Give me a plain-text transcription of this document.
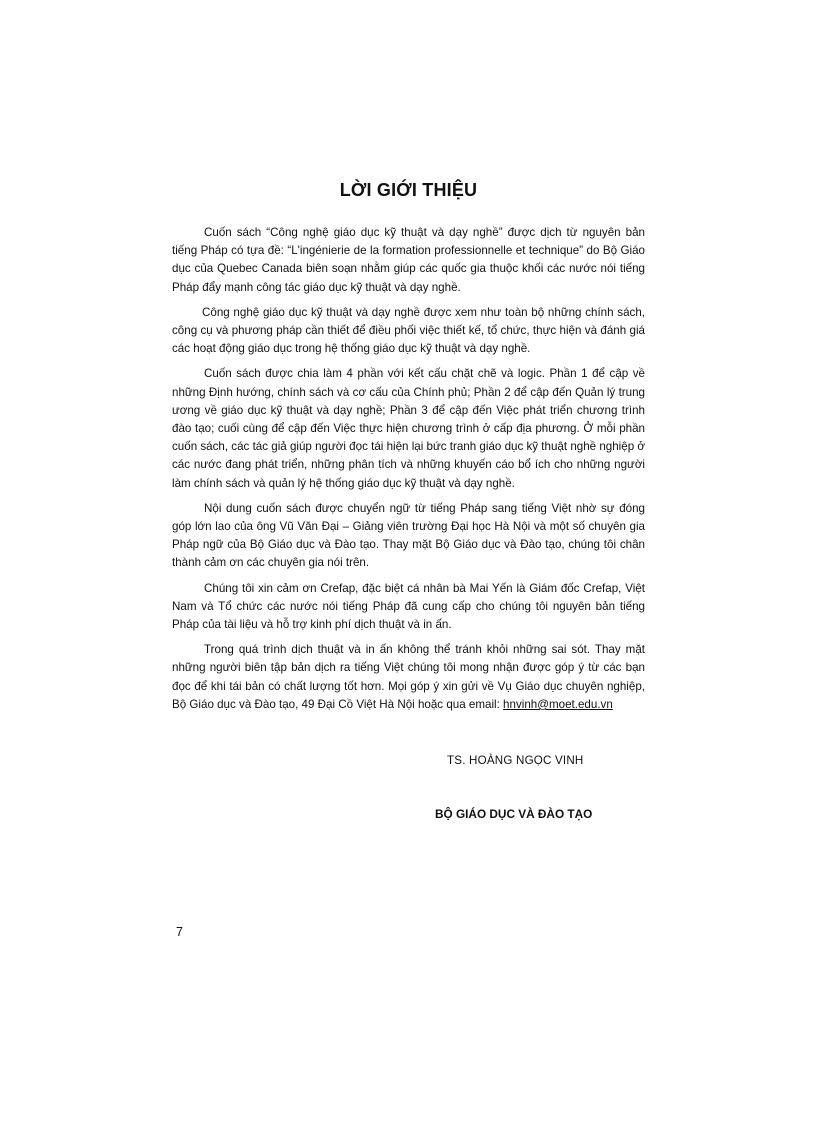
LỜI GIỚI THIỆU

Cuốn sách “Công nghệ giáo dục kỹ thuật và dạy nghề” được dịch từ nguyên bản tiếng Pháp có tựa đề: “L'ingénierie de la formation professionnelle et technique” do Bộ Giáo dục của Quebec Canada biên soạn nhằm giúp các quốc gia thuộc khối các nước nói tiếng Pháp đẩy mạnh công tác giáo dục kỹ thuật và dạy nghề.

Công nghệ giáo dục kỹ thuật và dạy nghề được xem như toàn bộ những chính sách, công cụ và phương pháp cần thiết để điều phối việc thiết kế, tổ chức, thực hiện và đánh giá các hoạt động giáo dục trong hệ thống giáo dục kỹ thuật và dạy nghề.

Cuốn sách được chia làm 4 phần với kết cấu chặt chẽ và logic. Phần 1 để cập về những Định hướng, chính sách và cơ cấu của Chính phủ; Phần 2 để cập đến Quản lý trung ương về giáo dục kỹ thuật và dạy nghề; Phần 3 để cập đến Việc phát triển chương trình đào tạo; cuối cùng để cập đến Việc thực hiện chương trình ở cấp địa phương. Ở mỗi phần cuốn sách, các tác giả giúp người đọc tái hiện lại bức tranh giáo dục kỹ thuật nghề nghiệp ở các nước đang phát triển, những phân tích và những khuyến cáo bổ ích cho những người làm chính sách và quản lý hệ thống giáo dục kỹ thuật và dạy nghề.

Nội dung cuốn sách được chuyển ngữ từ tiếng Pháp sang tiếng Việt nhờ sự đóng góp lớn lao của ông Vũ Văn Đại – Giảng viên trường Đại học Hà Nội và một số chuyên gia Pháp ngữ của Bộ Giáo dục và Đào tạo. Thay mặt Bộ Giáo dục và Đào tạo, chúng tôi chân thành cảm ơn các chuyên gia nói trên.

Chúng tôi xin cảm ơn Crefap, đặc biệt cá nhân bà Mai Yến là Giám đốc Crefap, Việt Nam và Tổ chức các nước nói tiếng Pháp đã cung cấp cho chúng tôi nguyên bản tiếng Pháp của tài liệu và hỗ trợ kinh phí dịch thuật và in ấn.

Trong quá trình dịch thuật và in ấn không thể tránh khỏi những sai sót. Thay mặt những người biên tập bản dịch ra tiếng Việt chúng tôi mong nhận được góp ý từ các bạn đọc để khi tái bản có chất lượng tốt hơn. Mọi góp ý xin gửi về Vụ Giáo dục chuyên nghiệp, Bộ Giáo dục và Đào tạo, 49 Đại Cồ Việt Hà Nội hoặc qua email: hnvinh@moet.edu.vn

TS. HOÀNG NGỌC VINH

BỘ GIÁO DỤC VÀ ĐÀO TẠO

7
